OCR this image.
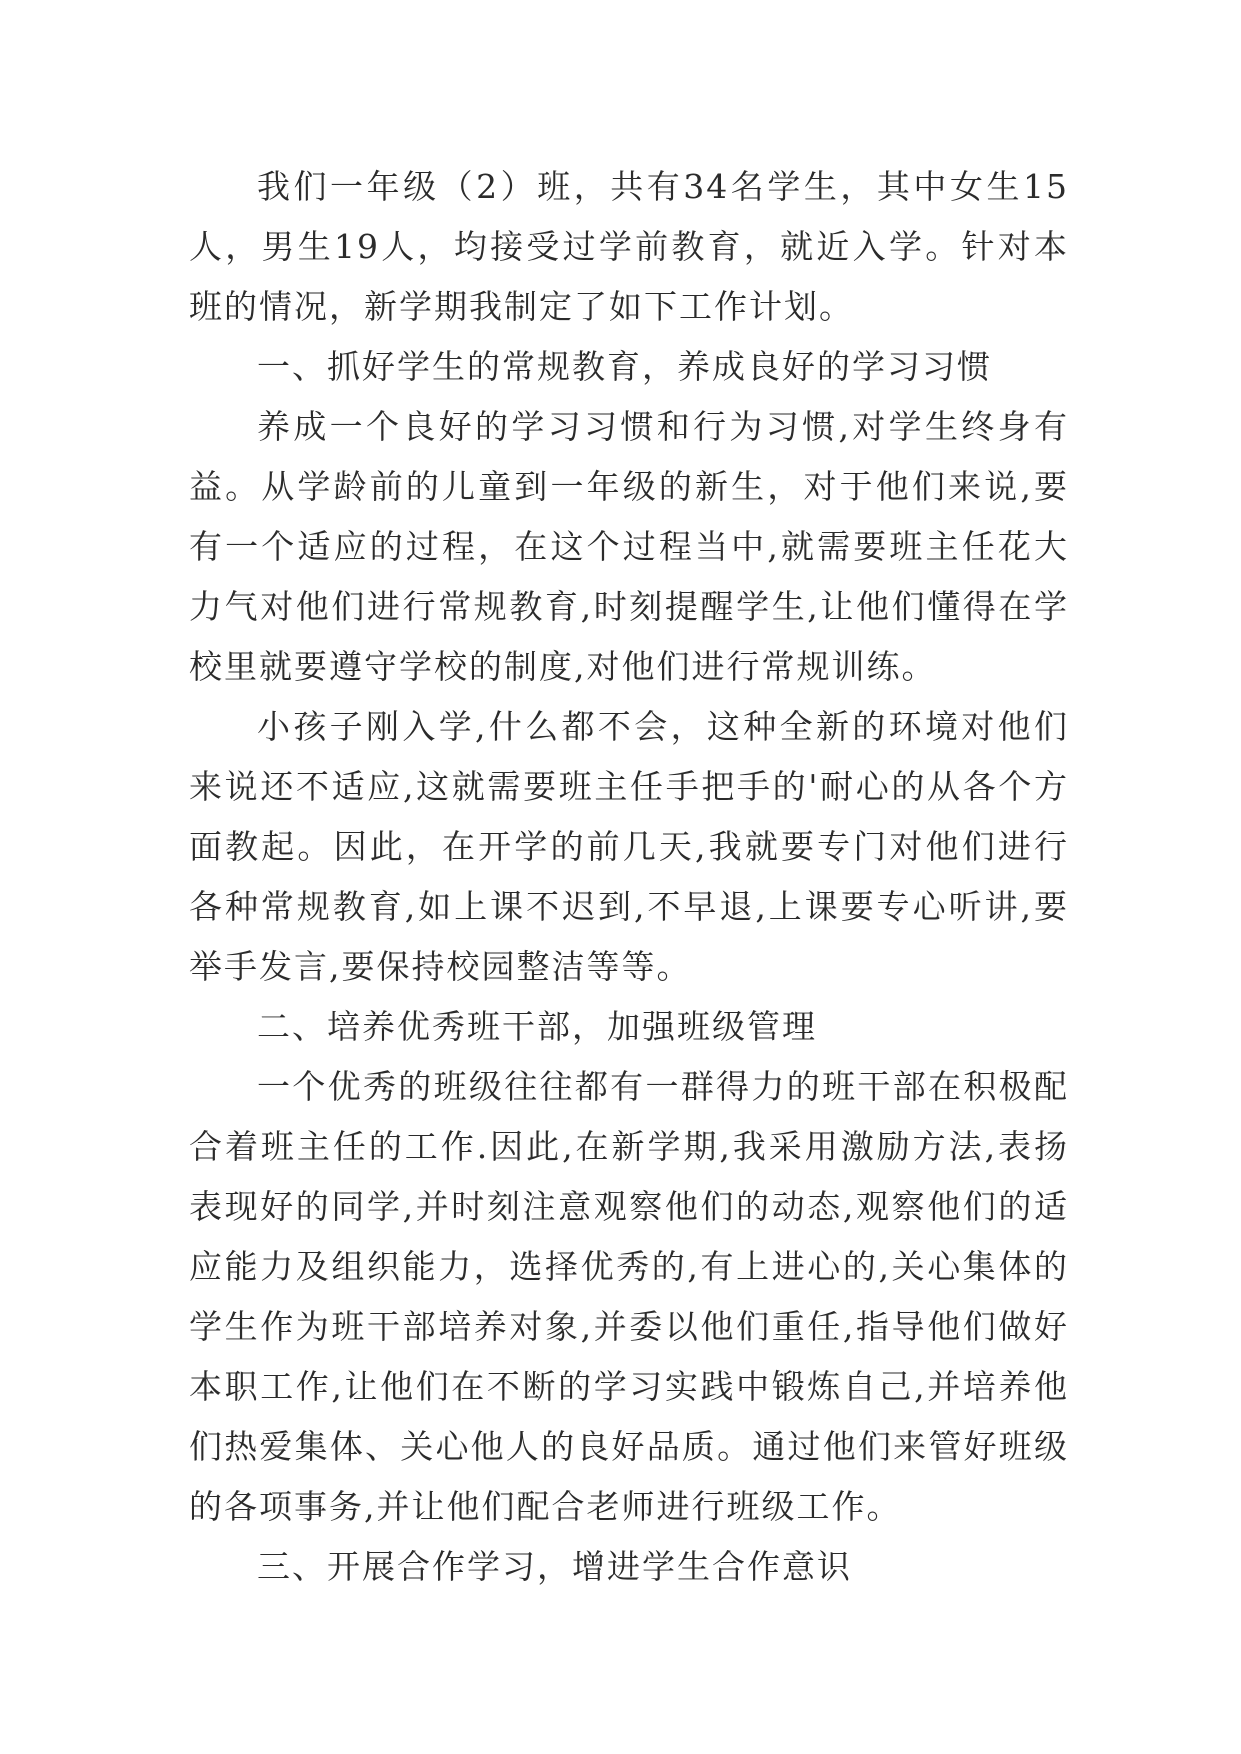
我们一年级（2）班，共有34名学生，其中女生15人，男生19人，均接受过学前教育，就近入学。针对本班的情况，新学期我制定了如下工作计划。

一、抓好学生的常规教育，养成良好的学习习惯

养成一个良好的学习习惯和行为习惯,对学生终身有益。从学龄前的儿童到一年级的新生，对于他们来说,要有一个适应的过程，在这个过程当中,就需要班主任花大力气对他们进行常规教育,时刻提醒学生,让他们懂得在学校里就要遵守学校的制度,对他们进行常规训练。

小孩子刚入学,什么都不会，这种全新的环境对他们来说还不适应,这就需要班主任手把手的'耐心的从各个方面教起。因此，在开学的前几天,我就要专门对他们进行各种常规教育,如上课不迟到,不早退,上课要专心听讲,要举手发言,要保持校园整洁等等。

二、培养优秀班干部，加强班级管理

一个优秀的班级往往都有一群得力的班干部在积极配合着班主任的工作.因此,在新学期,我采用激励方法,表扬表现好的同学,并时刻注意观察他们的动态,观察他们的适应能力及组织能力，选择优秀的,有上进心的,关心集体的学生作为班干部培养对象,并委以他们重任,指导他们做好本职工作,让他们在不断的学习实践中锻炼自己,并培养他们热爱集体、关心他人的良好品质。通过他们来管好班级的各项事务,并让他们配合老师进行班级工作。

三、开展合作学习，增进学生合作意识
